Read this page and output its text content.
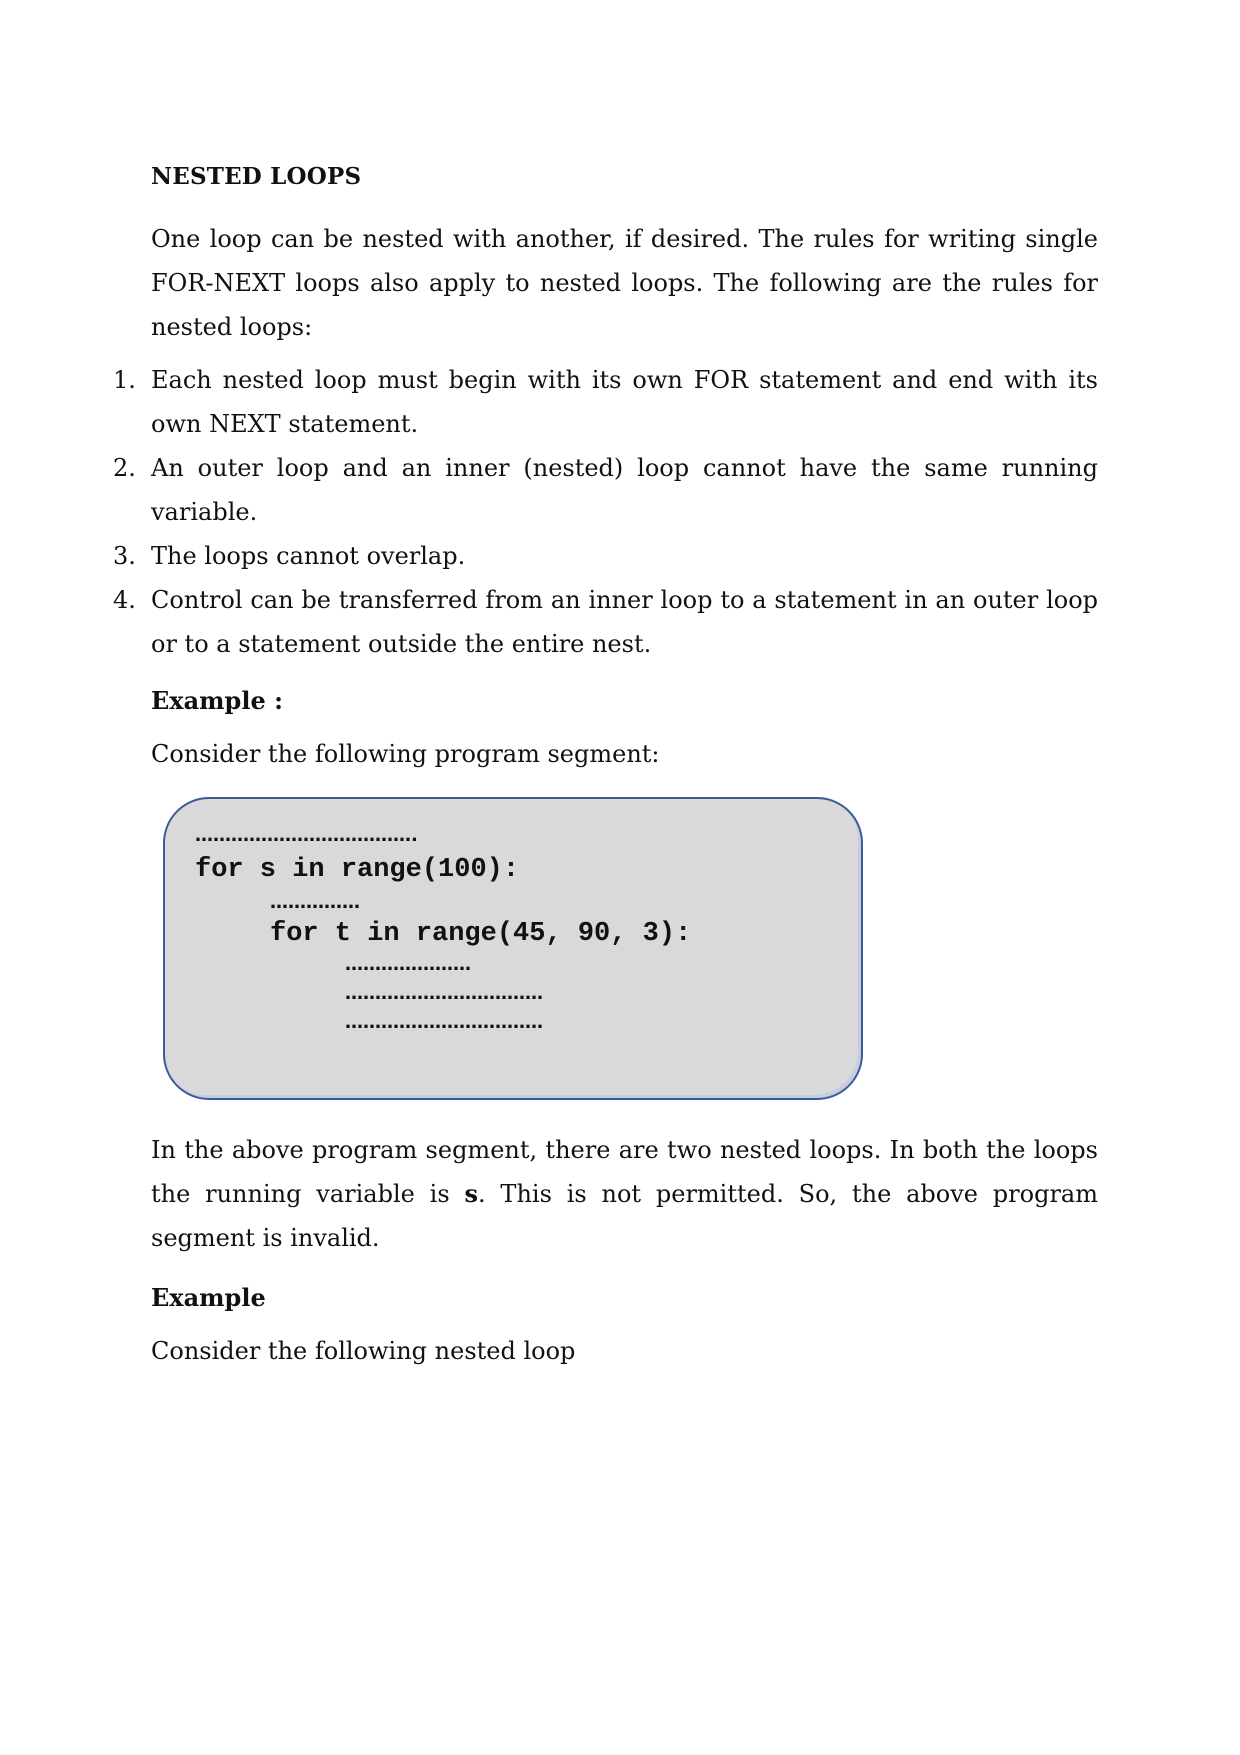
NESTED LOOPS
One loop can be nested with another, if desired. The rules for writing single FOR-NEXT loops also apply to nested loops. The following are the rules for nested loops:
1. Each nested loop must begin with its own FOR statement and end with its own NEXT statement.
2. An outer loop and an inner (nested) loop cannot have the same running variable.
3. The loops cannot overlap.
4. Control can be transferred from an inner loop to a statement in an outer loop or to a statement outside the entire nest.
Example :
Consider the following program segment:
……………………………….
for s in range(100):
……………
for t in range(45, 90, 3):
…………………
……………………………
……………………………
In the above program segment, there are two nested loops. In both the loops the running variable is s. This is not permitted. So, the above program segment is invalid.
Example
Consider the following nested loop
